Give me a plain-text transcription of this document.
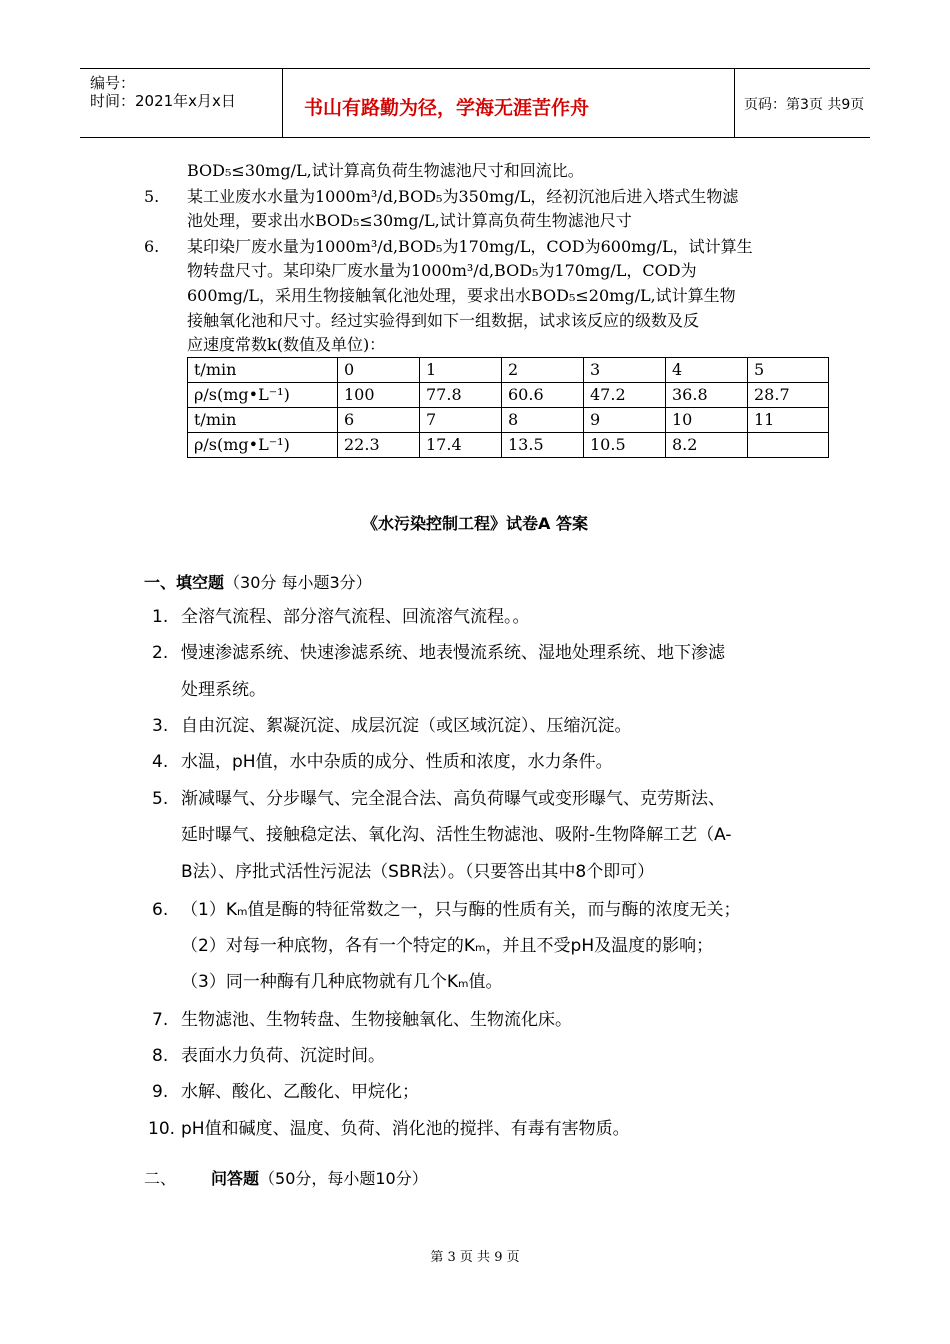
编号：
时间：2021年x月x日	书山有路勤为径，学海无涯苦作舟	页码：第3页 共9页
BOD₅≤30mg/L,试计算高负荷生物滤池尺寸和回流比。
5. 某工业废水水量为1000m³/d,BOD₅为350mg/L，经初沉池后进入塔式生物滤
池处理，要求出水BOD₅≤30mg/L,试计算高负荷生物滤池尺寸
6. 某印染厂废水量为1000m³/d,BOD₅为170mg/L，COD为600mg/L，试计算生
物转盘尺寸。某印染厂废水量为1000m³/d,BOD₅为170mg/L，COD为
600mg/L，采用生物接触氧化池处理，要求出水BOD₅≤20mg/L,试计算生物
接触氧化池和尺寸。经过实验得到如下一组数据，试求该反应的级数及反
应速度常数k(数值及单位)：
t/min	0	1	2	3	4	5
ρ/s(mg•L⁻¹)	100	77.8	60.6	47.2	36.8	28.7
t/min	6	7	8	9	10	11
ρ/s(mg•L⁻¹)	22.3	17.4	13.5	10.5	8.2	
《水污染控制工程》试卷A 答案
一、填空题（30分 每小题3分）
1. 全溶气流程、部分溶气流程、回流溶气流程。。
2. 慢速渗滤系统、快速渗滤系统、地表慢流系统、湿地处理系统、地下渗滤
处理系统。
3. 自由沉淀、絮凝沉淀、成层沉淀（或区域沉淀）、压缩沉淀。
4. 水温，pH值，水中杂质的成分、性质和浓度，水力条件。
5. 渐减曝气、分步曝气、完全混合法、高负荷曝气或变形曝气、克劳斯法、
延时曝气、接触稳定法、氧化沟、活性生物滤池、吸附-生物降解工艺（A-
B法）、序批式活性污泥法（SBR法）。（只要答出其中8个即可）
6. （1）Kₘ值是酶的特征常数之一，只与酶的性质有关，而与酶的浓度无关；
（2）对每一种底物，各有一个特定的Kₘ，并且不受pH及温度的影响；
（3）同一种酶有几种底物就有几个Kₘ值。
7. 生物滤池、生物转盘、生物接触氧化、生物流化床。
8. 表面水力负荷、沉淀时间。
9. 水解、酸化、乙酸化、甲烷化；
10. pH值和碱度、温度、负荷、消化池的搅拌、有毒有害物质。
二、 问答题（50分，每小题10分）
第 3 页 共 9 页
